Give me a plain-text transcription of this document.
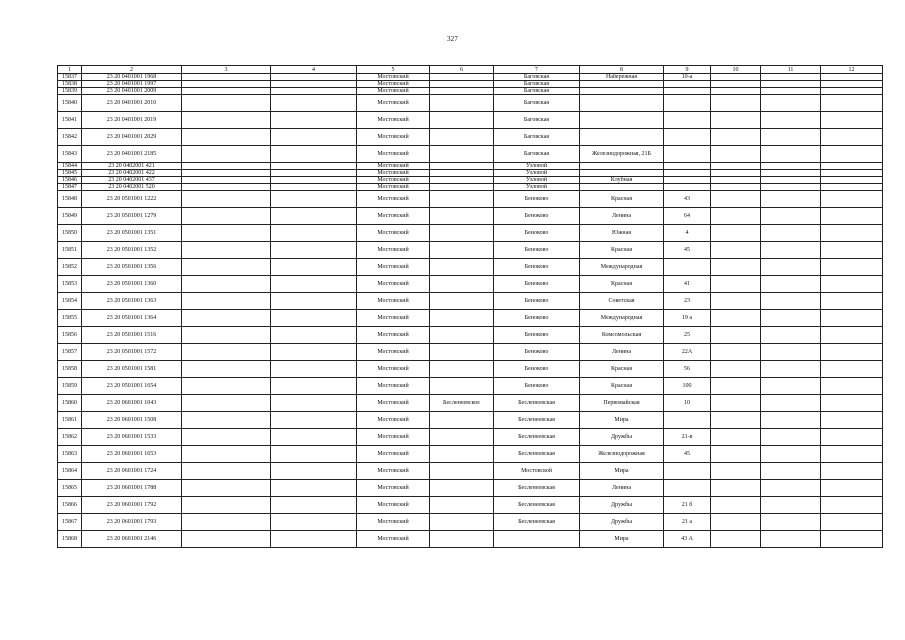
327
1	2	3	4	5	6	7	8	9	10	11	12
15837	23 20 0401001 1968			Мостовский		Баговская	Набережная	10-а			
15838	23 20 0401001 1997			Мостовский		Баговская					
15839	23 20 0401001 2009			Мостовский		Баговская					
15840	23 20 0401001 2010			Мостовский		Баговская					
15841	23 20 0401001 2019			Мостовский		Баговская					
15842	23 20 0401001 2029			Мостовский		Баговская					
15843	23 20 0401001 2185			Мостовский		Баговская	Железнодорожная, 21Б				
15844	23 20 0402001 421			Мостовский		Узловой					
15845	23 20 0402001 422			Мостовский		Узловой					
15846	23 20 0402001 437			Мостовский		Узловой	Клубная				
15847	23 20 0402001 520			Мостовский		Узловой					
15848	23 20 0501001 1222			Мостовский		Беноково	Красная	43			
15849	23 20 0501001 1279			Мостовский		Беноково	Ленина	64			
15850	23 20 0501001 1351			Мостовский		Беноково	Южная	4			
15851	23 20 0501001 1352			Мостовский		Беноково	Красная	45			
15852	23 20 0501001 1356			Мостовский		Беноково	Международная				
15853	23 20 0501001 1360			Мостовский		Беноково	Красная	41			
15854	23 20 0501001 1363			Мостовский		Беноково	Советская	23			
15855	23 20 0501001 1364			Мостовский		Беноково	Международная	19 а			
15856	23 20 0501001 1516			Мостовский		Беноково	Комсомольская	25			
15857	23 20 0501001 1572			Мостовский		Беноково	Ленина	22А			
15858	23 20 0501001 1581			Мостовский		Беноково	Красная	56			
15859	23 20 0501001 1654			Мостовский		Беноково	Красная	100			
15860	23 20 0601001 1043			Мостовский	Бесленеевское	Бесленеевская	Первомайская	10			
15861	23 20 0601001 1508			Мостовский		Бесленеевская	Мира				
15862	23 20 0601001 1533			Мостовский		Бесленеевская	Дружбы	21-в			
15863	23 20 0601001 1653			Мостовский		Бесленеевская	Железнодорожная	45			
15864	23 20 0601001 1724			Мостовский		Мостовской	Мира				
15865	23 20 0601001 1788			Мостовский		Бесленеевская	Ленина				
15866	23 20 0601001 1792			Мостовский		Бесленеевская	Дружбы	21 б			
15867	23 20 0601001 1793			Мостовский		Бесленеевская	Дружбы	21 а			
15868	23 20 0601001 2146			Мостовский			Мира	43 А			
